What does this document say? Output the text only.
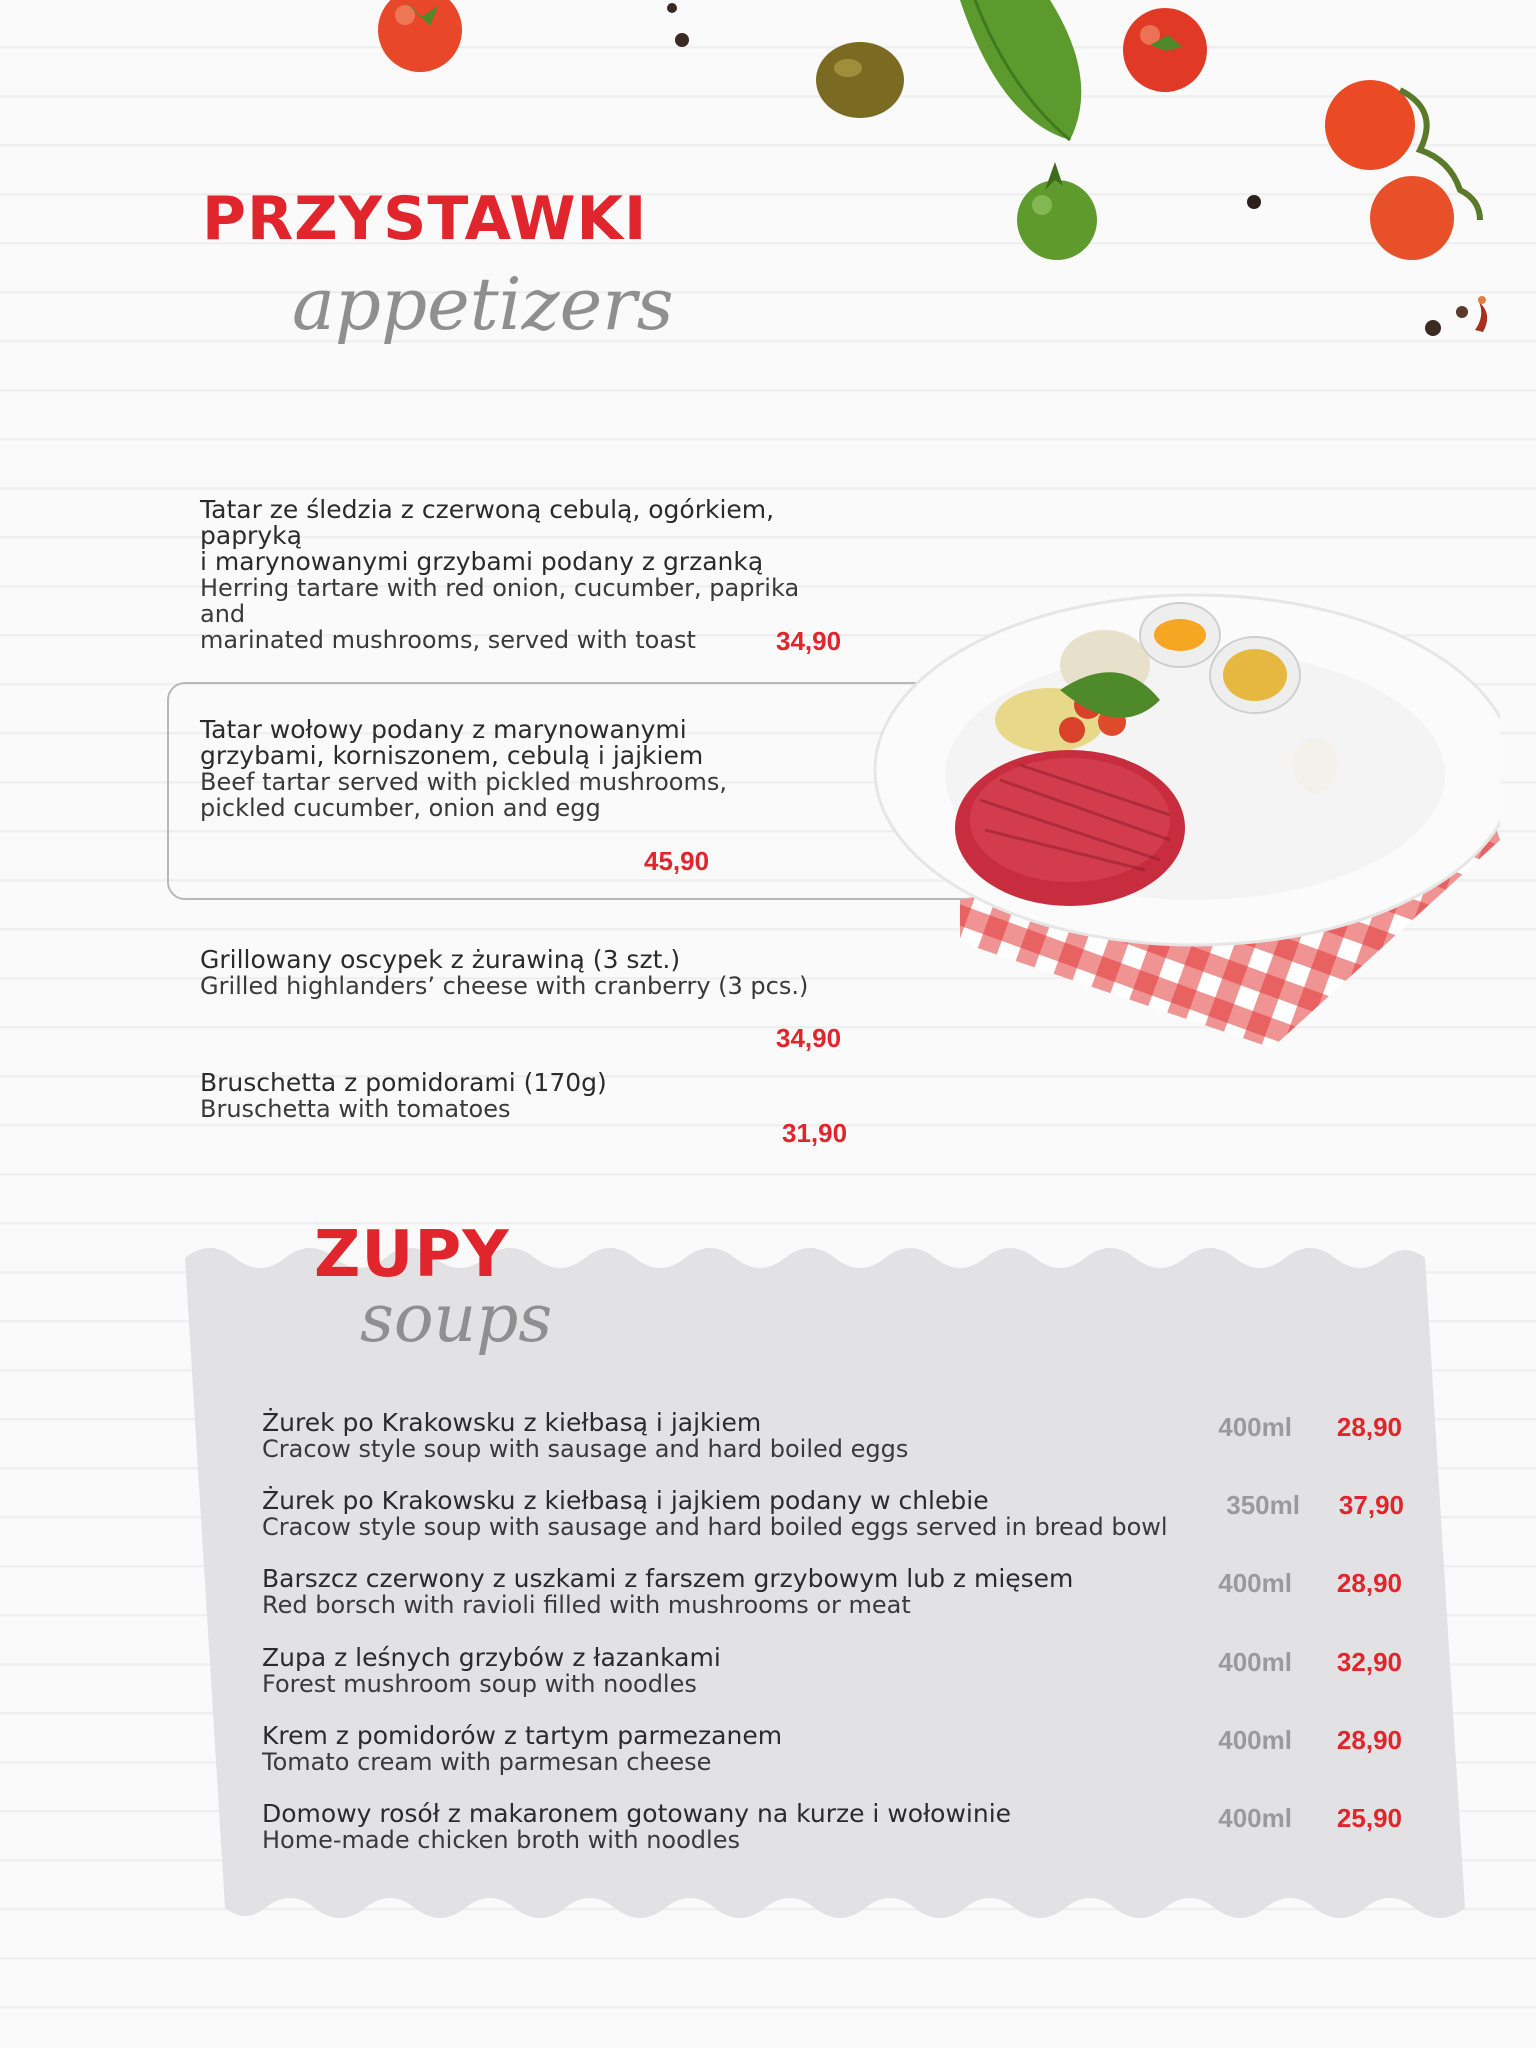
PRZYSTAWKI
appetizers
Tatar ze śledzia z czerwoną cebulą, ogórkiem, papryką
i marynowanymi grzybami podany z grzanką
Herring tartare with red onion, cucumber, paprika and
marinated mushrooms, served with toast	34,90
Tatar wołowy podany z marynowanymi
grzybami, korniszonem, cebulą i jajkiem
Beef tartar served with pickled mushrooms,
pickled cucumber, onion and egg
45,90
Grillowany oscypek z żurawiną (3 szt.)
Grilled highlanders’ cheese with cranberry (3 pcs.)
34,90
Bruschetta z pomidorami (170g)
Bruschetta with tomatoes
31,90
ZUPY
soups
Żurek po Krakowsku z kiełbasą i jajkiem
Cracow style soup with sausage and hard boiled eggs
400ml 28,90
Żurek po Krakowsku z kiełbasą i jajkiem podany w chlebie
Cracow style soup with sausage and hard boiled eggs served in bread bowl
350ml 37,90
Barszcz czerwony z uszkami z farszem grzybowym lub z mięsem
Red borsch with ravioli filled with mushrooms or meat
400ml 28,90
Zupa z leśnych grzybów z łazankami
Forest mushroom soup with noodles
400ml 32,90
Krem z pomidorów z tartym parmezanem
Tomato cream with parmesan cheese
400ml 28,90
Domowy rosół z makaronem gotowany na kurze i wołowinie
Home-made chicken broth with noodles
400ml 25,90
